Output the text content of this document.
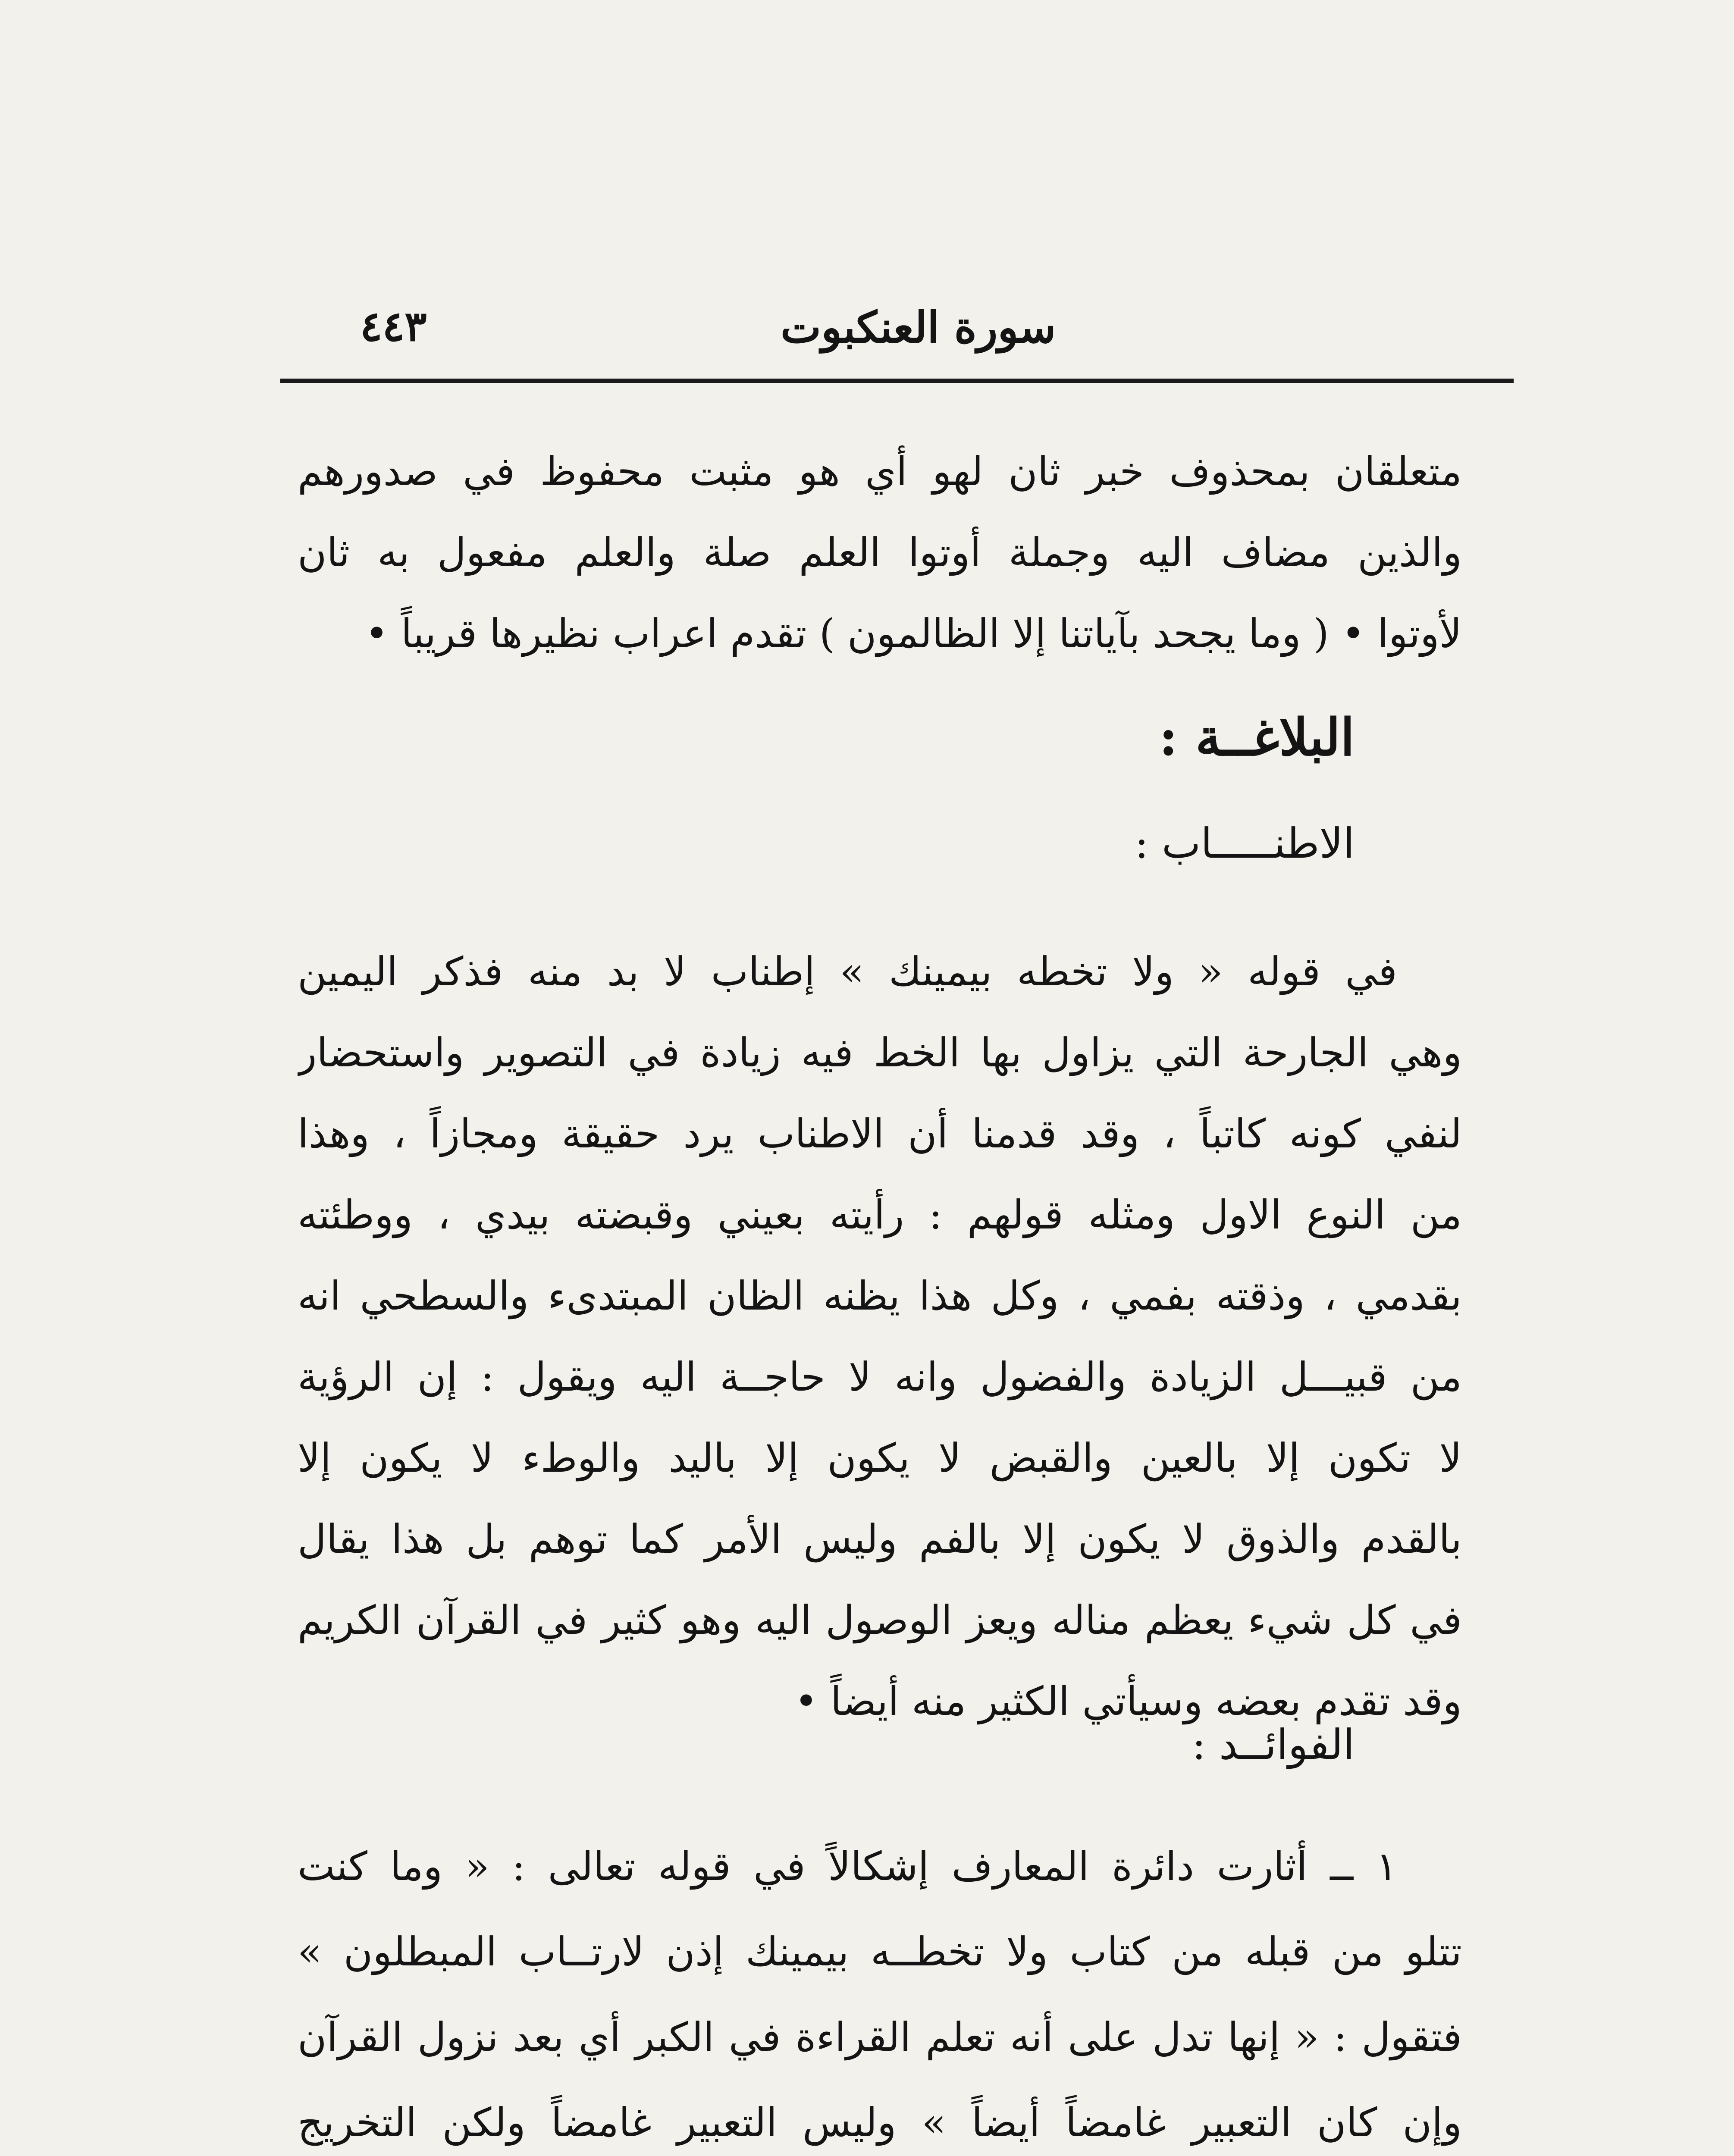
٤٤٣	سورة العنكبوت
متعلقان بمحذوف خبر ثان لهو أي هو مثبت محفوظ في صدورهم
والذين مضاف اليه وجملة أوتوا العلم صلة والعلم مفعول به ثان
لأوتوا • ( وما يجحد بآياتنا إلا الظالمون ) تقدم اعراب نظيرها قريباً •
البلاغــة :
الاطنـــــاب :
في قوله « ولا تخطه بيمينك » إطناب لا بد منه فذكر اليمين
وهي الجارحة التي يزاول بها الخط فيه زيادة في التصوير واستحضار
لنفي كونه كاتباً ، وقد قدمنا أن الاطناب يرد حقيقة ومجازاً ، وهذا
من النوع الاول ومثله قولهم : رأيته بعيني وقبضته بيدي ، ووطئته
بقدمي ، وذقته بفمي ، وكل هذا يظنه الظان المبتدىء والسطحي انه
من قبيـــل الزيادة والفضول وانه لا حاجــة اليه ويقول : إن الرؤية
لا تكون إلا بالعين والقبض لا يكون إلا باليد والوطء لا يكون إلا
بالقدم والذوق لا يكون إلا بالفم وليس الأمر كما توهم بل هذا يقال
في كل شيء يعظم مناله ويعز الوصول اليه وهو كثير في القرآن الكريم
وقد تقدم بعضه وسيأتي الكثير منه أيضاً •
الفوائــد :
١ ــ أثارت دائرة المعارف إشكالاً في قوله تعالى : « وما كنت
تتلو من قبله من كتاب ولا تخطــه بيمينك إذن لارتــاب المبطلون »
فتقول : « إنها تدل على أنه تعلم القراءة في الكبر أي بعد نزول القرآن
وإن كان التعبير غامضاً أيضاً » وليس التعبير غامضاً ولكن التخريج
